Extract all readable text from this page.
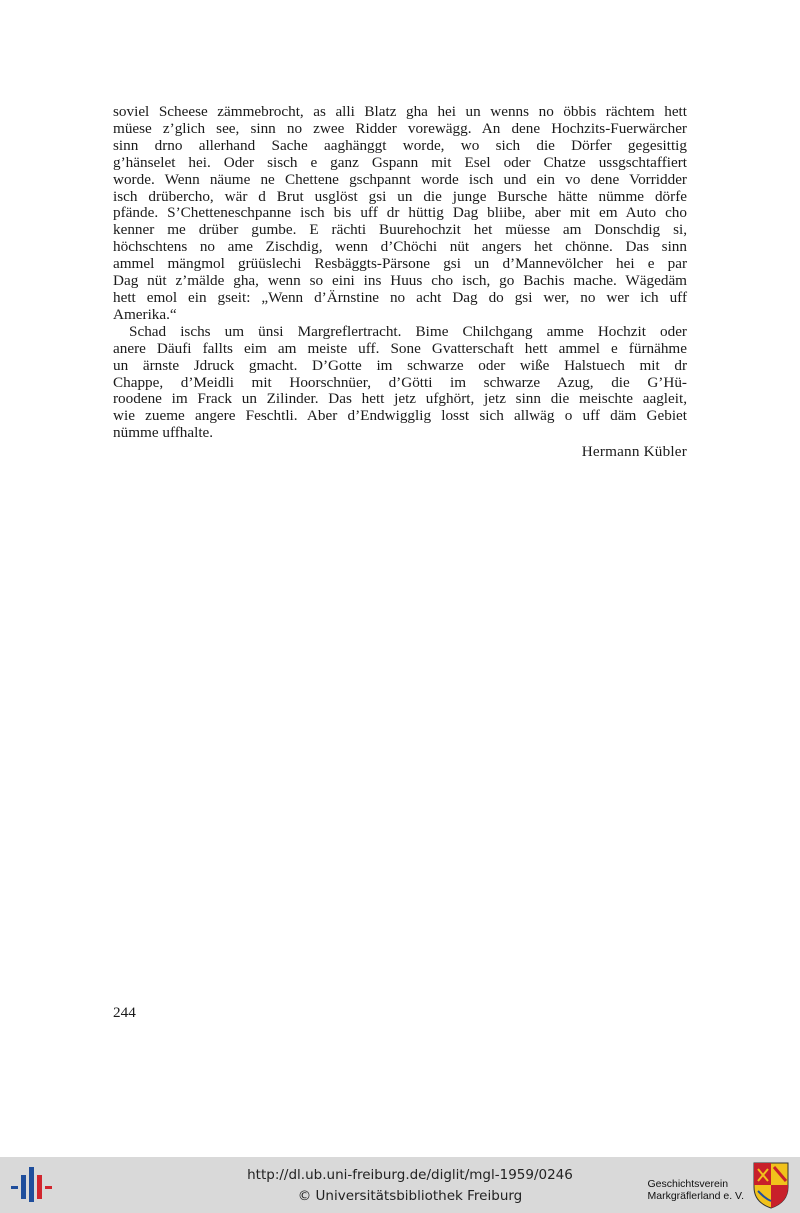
soviel Scheese zämmebrocht, as alli Blatz gha hei un wenns no öbbis rächtem hett
müese z’glich see, sinn no zwee Ridder vorewägg. An dene Hochzits-Fuerwärcher
sinn drno allerhand Sache aaghänggt worde, wo sich die Dörfer gegesittig
g’hänselet hei. Oder sisch e ganz Gspann mit Esel oder Chatze ussgschtaffiert
worde. Wenn näume ne Chettene gschpannt worde isch und ein vo dene Vorridder
isch drübercho, wär d Brut usglöst gsi un die junge Bursche hätte nümme dörfe
pfände. S’Chetteneschpanne isch bis uff dr hüttig Dag bliibe, aber mit em Auto cho
kenner me drüber gumbe. E rächti Buurehochzit het müesse am Donschdig si,
höchschtens no ame Zischdig, wenn d’Chöchi nüt angers het chönne. Das sinn
ammel mängmol grüüslechi Resbäggts-Pärsone gsi un d’Mannevölcher hei e par
Dag nüt z’mälde gha, wenn so eini ins Huus cho isch, go Bachis mache. Wägedäm
hett emol ein gseit: „Wenn d’Ärnstine no acht Dag do gsi wer, no wer ich uff
Amerika.“

Schad ischs um ünsi Margreflertracht. Bime Chilchgang amme Hochzit oder
anere Däufi fallts eim am meiste uff. Sone Gvatterschaft hett ammel e fürnähme
un ärnste Jdruck gmacht. D’Gotte im schwarze oder wiße Halstuech mit dr
Chappe, d’Meidli mit Hoorschnüer, d’Götti im schwarze Azug, die G’Hü-
roodene im Frack un Zilinder. Das hett jetz ufghört, jetz sinn die meischte aagleit,
wie zueme angere Feschtli. Aber d’Endwigglig losst sich allwäg o uff däm Gebiet
nümme uffhalte.

Hermann Kübler
244
http://dl.ub.uni-freiburg.de/diglit/mgl-1959/0246
© Universitätsbibliothek Freiburg
Geschichtsverein
Markgräflerland e. V.
